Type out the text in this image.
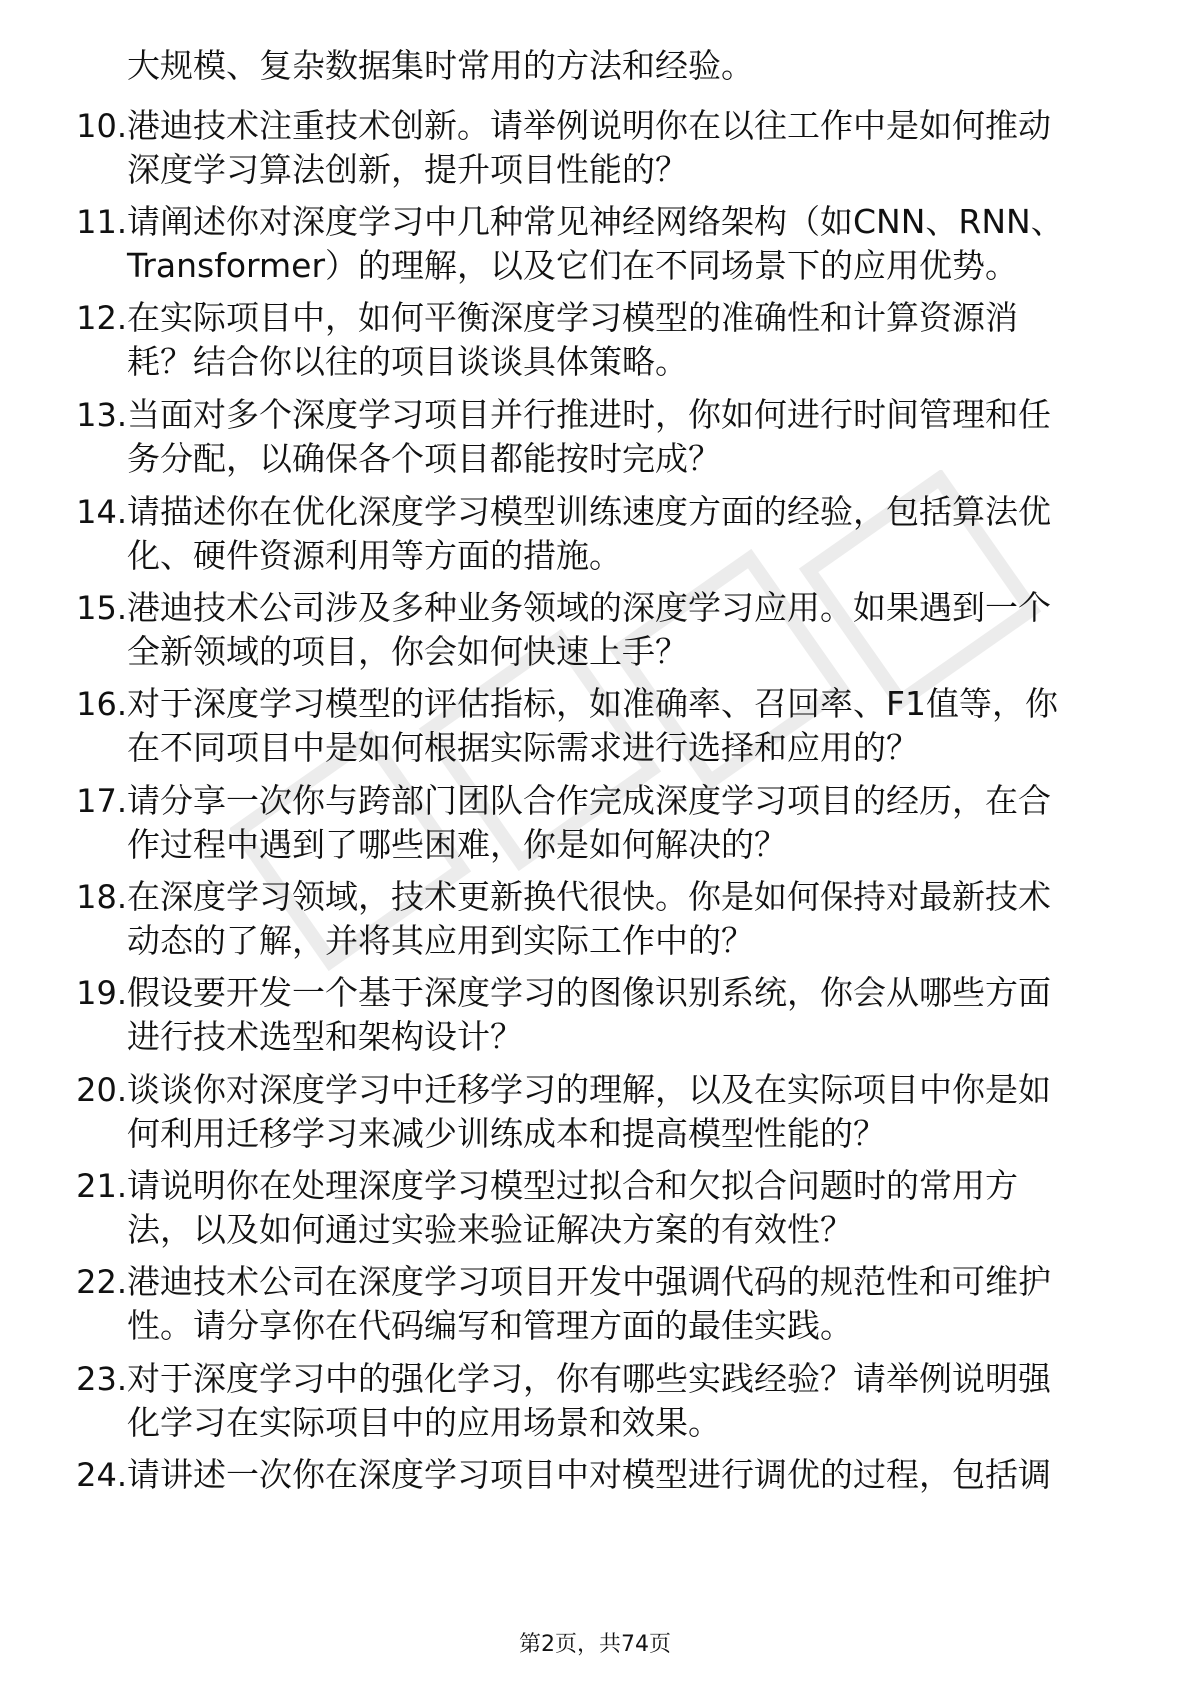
大规模、复杂数据集时常用的方法和经验。
10. 港迪技术注重技术创新。请举例说明你在以往工作中是如何推动
深度学习算法创新，提升项目性能的？
11. 请阐述你对深度学习中几种常见神经网络架构（如CNN、RNN、
Transformer）的理解，以及它们在不同场景下的应用优势。
12. 在实际项目中，如何平衡深度学习模型的准确性和计算资源消
耗？结合你以往的项目谈谈具体策略。
13. 当面对多个深度学习项目并行推进时，你如何进行时间管理和任
务分配，以确保各个项目都能按时完成？
14. 请描述你在优化深度学习模型训练速度方面的经验，包括算法优
化、硬件资源利用等方面的措施。
15. 港迪技术公司涉及多种业务领域的深度学习应用。如果遇到一个
全新领域的项目，你会如何快速上手？
16. 对于深度学习模型的评估指标，如准确率、召回率、F1值等，你
在不同项目中是如何根据实际需求进行选择和应用的？
17. 请分享一次你与跨部门团队合作完成深度学习项目的经历，在合
作过程中遇到了哪些困难，你是如何解决的？
18. 在深度学习领域，技术更新换代很快。你是如何保持对最新技术
动态的了解，并将其应用到实际工作中的？
19. 假设要开发一个基于深度学习的图像识别系统，你会从哪些方面
进行技术选型和架构设计？
20. 谈谈你对深度学习中迁移学习的理解，以及在实际项目中你是如
何利用迁移学习来减少训练成本和提高模型性能的？
21. 请说明你在处理深度学习模型过拟合和欠拟合问题时的常用方
法，以及如何通过实验来验证解决方案的有效性？
22. 港迪技术公司在深度学习项目开发中强调代码的规范性和可维护
性。请分享你在代码编写和管理方面的最佳实践。
23. 对于深度学习中的强化学习，你有哪些实践经验？请举例说明强
化学习在实际项目中的应用场景和效果。
24. 请讲述一次你在深度学习项目中对模型进行调优的过程，包括调
第2页，共74页
